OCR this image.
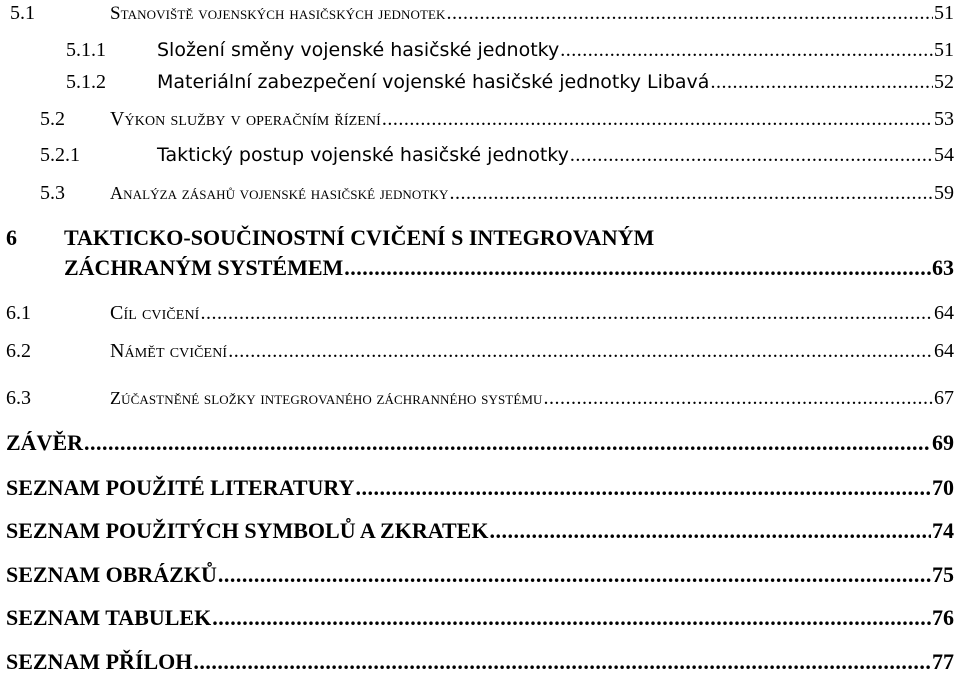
5.1	Stanoviště vojenských hasičských jednotek .....	51
5.1.1	Složení směny vojenské hasičské jednotky .....	51
5.1.2	Materiální zabezpečení vojenské hasičské jednotky Libavá .....	52
5.2	Výkon služby v operačním řízení .....	53
5.2.1	Taktický postup vojenské hasičské jednotky .....	54
5.3	Analýza zásahů vojenské hasičské jednotky .....	59
6 TAKTICKO-SOUČINOSTNÍ CVIČENÍ S INTEGROVANÝM
ZÁCHRANÝM SYSTÉMEM .....	63
6.1	Cíl cvičení .....	64
6.2	Námět cvičení .....	64
6.3	Zúčastněné složky integrovaného záchranného systému .....	67
ZÁVĚR .....	69
SEZNAM POUŽITÉ LITERATURY .....	70
SEZNAM POUŽITÝCH SYMBOLŮ A ZKRATEK .....	74
SEZNAM OBRÁZKŮ .....	75
SEZNAM TABULEK .....	76
SEZNAM PŘÍLOH .....	77
